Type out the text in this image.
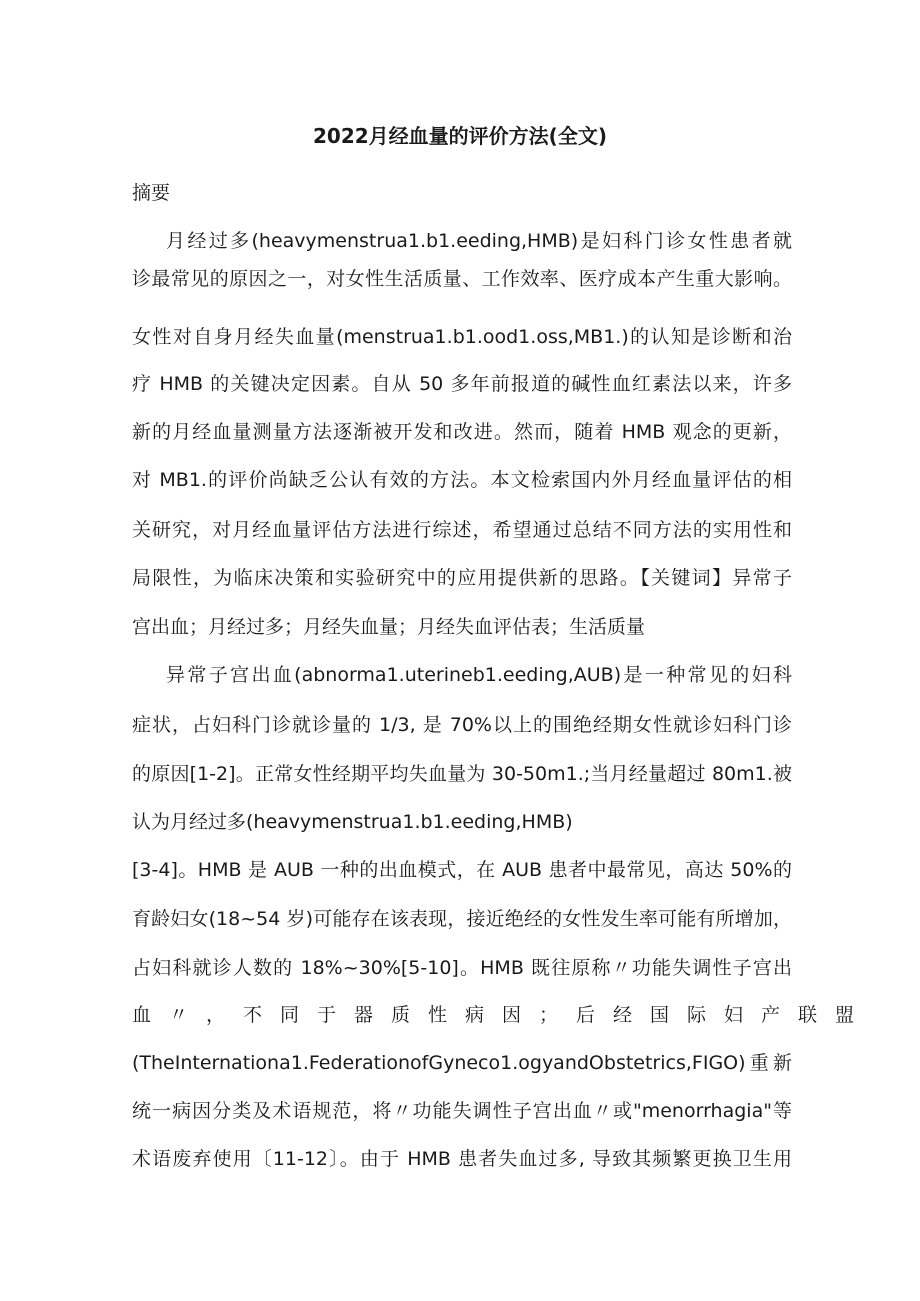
2022月经血量的评价方法(全文)

摘要

月经过多(heavymenstrua1.b1.eeding,HMB)是妇科门诊女性患者就

诊最常见的原因之一，对女性生活质量、工作效率、医疗成本产生重大影响。

女性对自身月经失血量(menstrua1.b1.ood1.oss,MB1.)的认知是诊断和治

疗 HMB 的关键决定因素。自从 50 多年前报道的碱性血红素法以来，许多

新的月经血量测量方法逐渐被开发和改进。然而，随着 HMB 观念的更新，

对 MB1.的评价尚缺乏公认有效的方法。本文检索国内外月经血量评估的相

关研究，对月经血量评估方法进行综述，希望通过总结不同方法的实用性和

局限性，为临床决策和实验研究中的应用提供新的思路。【关键词】异常子

宫出血；月经过多；月经失血量；月经失血评估表；生活质量

异常子宫出血(abnorma1.uterineb1.eeding,AUB)是一种常见的妇科

症状，占妇科门诊就诊量的 1/3, 是 70%以上的围绝经期女性就诊妇科门诊

的原因[1-2]。正常女性经期平均失血量为 30-50m1.;当月经量超过 80m1.被

认为月经过多(heavymenstrua1.b1.eeding,HMB)

[3-4]。HMB 是 AUB 一种的出血模式，在 AUB 患者中最常见，高达 50%的

育龄妇女(18~54 岁)可能存在该表现，接近绝经的女性发生率可能有所增加，

占妇科就诊人数的 18%~30%[5-10]。HMB 既往原称〃功能失调性子宫出

血〃，不同于器质性病因；后经国际妇产联盟

(TheInternationa1.FederationofGyneco1.ogyandObstetrics,FIGO)重新

统一病因分类及术语规范，将〃功能失调性子宫出血〃或"menorrhagia"等

术语废弃使用〔11-12〕。由于 HMB 患者失血过多, 导致其频繁更换卫生用
